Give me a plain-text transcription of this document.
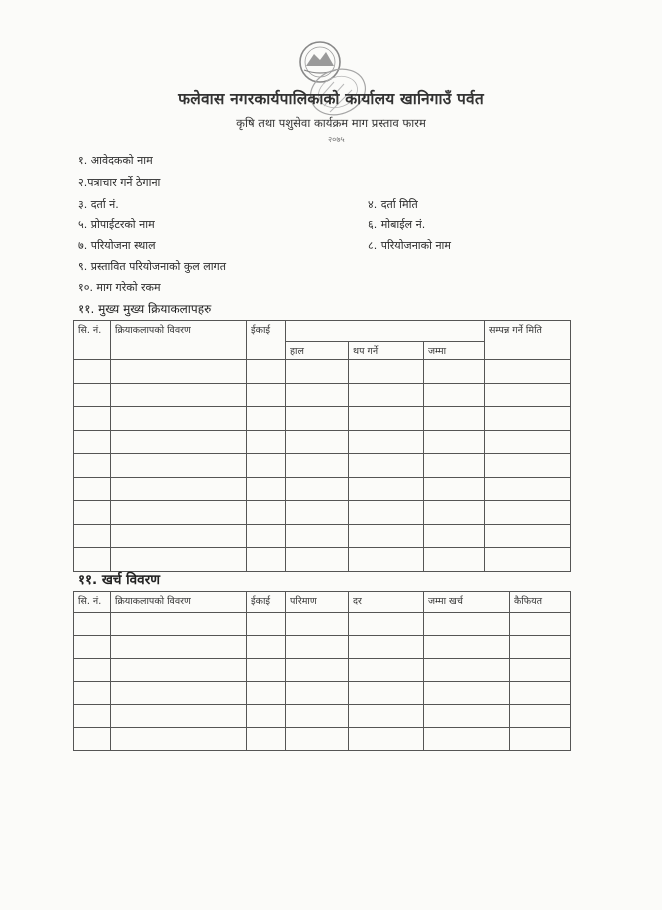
२०७५
फलेवास नगरकार्यपालिकाको कार्यालय खानिगाउँ पर्वत
कृषि तथा पशुसेवा कार्यक्रम माग प्रस्ताव फारम
१. आवेदकको नाम
२.पत्राचार गर्ने ठेगाना
३. दर्ता नं.	४. दर्ता मिति
५. प्रोपाईटरको नाम	६. मोबाईल नं.
७. परियोजना स्थाल	८. परियोजनाको नाम
९. प्रस्तावित परियोजनाको कुल लागत
१०. माग गरेको रकम
११. मुख्य मुख्य क्रियाकलापहरु
सि. नं.	क्रियाकलापको विवरण	ईकाई				सम्पन्न गर्ने मिति
			हाल	थप गर्ने	जम्मा	

११. खर्च विवरण
सि. नं.	क्रियाकलापको विवरण	ईकाई	परिमाण	दर	जम्मा खर्च	कैफियत
